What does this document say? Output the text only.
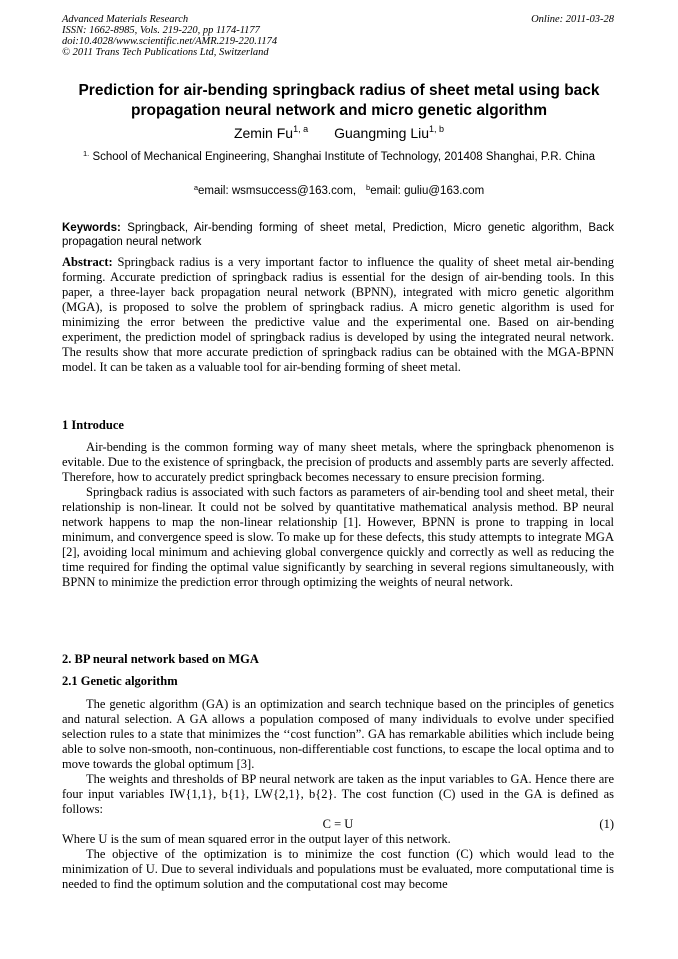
Advanced Materials Research
ISSN: 1662-8985, Vols. 219-220, pp 1174-1177
doi:10.4028/www.scientific.net/AMR.219-220.1174
© 2011 Trans Tech Publications Ltd, Switzerland
Online: 2011-03-28
Prediction for air-bending springback radius of sheet metal using back propagation neural network and micro genetic algorithm
Zemin Fu$^{1, a}$ Guangming Liu$^{1, b}$
$^{1.}$ School of Mechanical Engineering, Shanghai Institute of Technology, 201408 Shanghai, P.R. China
$^a$email: wsmsuccess@163.com, $^b$email: guliu@163.com
Keywords: Springback, Air-bending forming of sheet metal, Prediction, Micro genetic algorithm, Back propagation neural network

Abstract: Springback radius is a very important factor to influence the quality of sheet metal air-bending forming. Accurate prediction of springback radius is essential for the design of air-bending tools. In this paper, a three-layer back propagation neural network (BPNN), integrated with micro genetic algorithm (MGA), is proposed to solve the problem of springback radius. A micro genetic algorithm is used for minimizing the error between the predictive value and the experimental one. Based on air-bending experiment, the prediction model of springback radius is developed by using the integrated neural network. The results show that more accurate prediction of springback radius can be obtained with the MGA-BPNN model. It can be taken as a valuable tool for air-bending forming of sheet metal.

1 Introduce

Air-bending is the common forming way of many sheet metals, where the springback phenomenon is evitable. Due to the existence of springback, the precision of products and assembly parts are severly affected. Therefore, how to accurately predict springback becomes necessary to ensure precision forming.

Springback radius is associated with such factors as parameters of air-bending tool and sheet metal, their relationship is non-linear. It could not be solved by quantitative mathematical analysis method. BP neural network happens to map the non-linear relationship [1]. However, BPNN is prone to trapping in local minimum, and convergence speed is slow. To make up for these defects, this study attempts to integrate MGA [2], avoiding local minimum and achieving global convergence quickly and correctly as well as reducing the time required for finding the optimal value significantly by searching in several regions simultaneously, with BPNN to minimize the prediction error through optimizing the weights of neural network.

2. BP neural network based on MGA
2.1 Genetic algorithm

The genetic algorithm (GA) is an optimization and search technique based on the principles of genetics and natural selection. A GA allows a population composed of many individuals to evolve under specified selection rules to a state that minimizes the ‘‘cost function”. GA has remarkable abilities which include being able to solve non-smooth, non-continuous, non-differentiable cost functions, to escape the local optima and to move towards the global optimum [3].

The weights and thresholds of BP neural network are taken as the input variables to GA. Hence there are four input variables IW{1,1}, b{1}, LW{2,1}, b{2}. The cost function (C) used in the GA is defined as follows:

C = U	(1)

Where U is the sum of mean squared error in the output layer of this network.

The objective of the optimization is to minimize the cost function (C) which would lead to the minimization of U. Due to several individuals and populations must be evaluated, more computational time is needed to find the optimum solution and the computational cost may become
